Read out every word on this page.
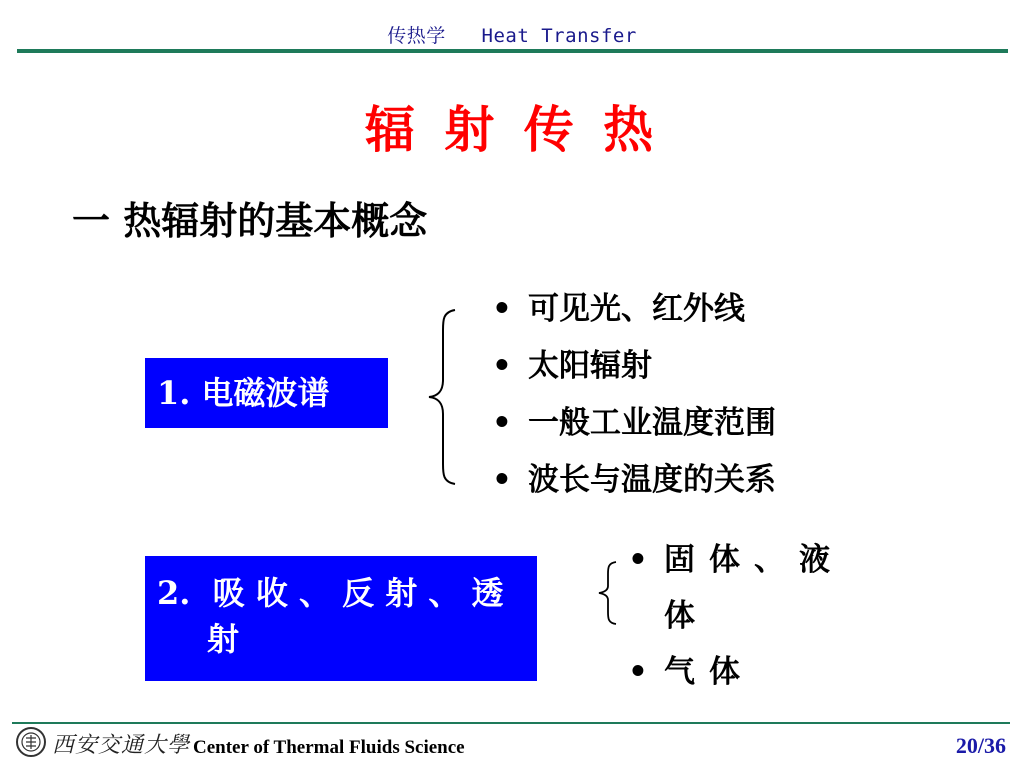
传热学   Heat Transfer
辐 射 传 热
一 热辐射的基本概念
1. 电磁波谱
• 可见光、红外线
• 太阳辐射
• 一般工业温度范围
• 波长与温度的关系
2.  吸 收 、 反 射 、 透
射
• 固体、液体
• 气体
西安交通大學 Center of Thermal Fluids Science	20/36
